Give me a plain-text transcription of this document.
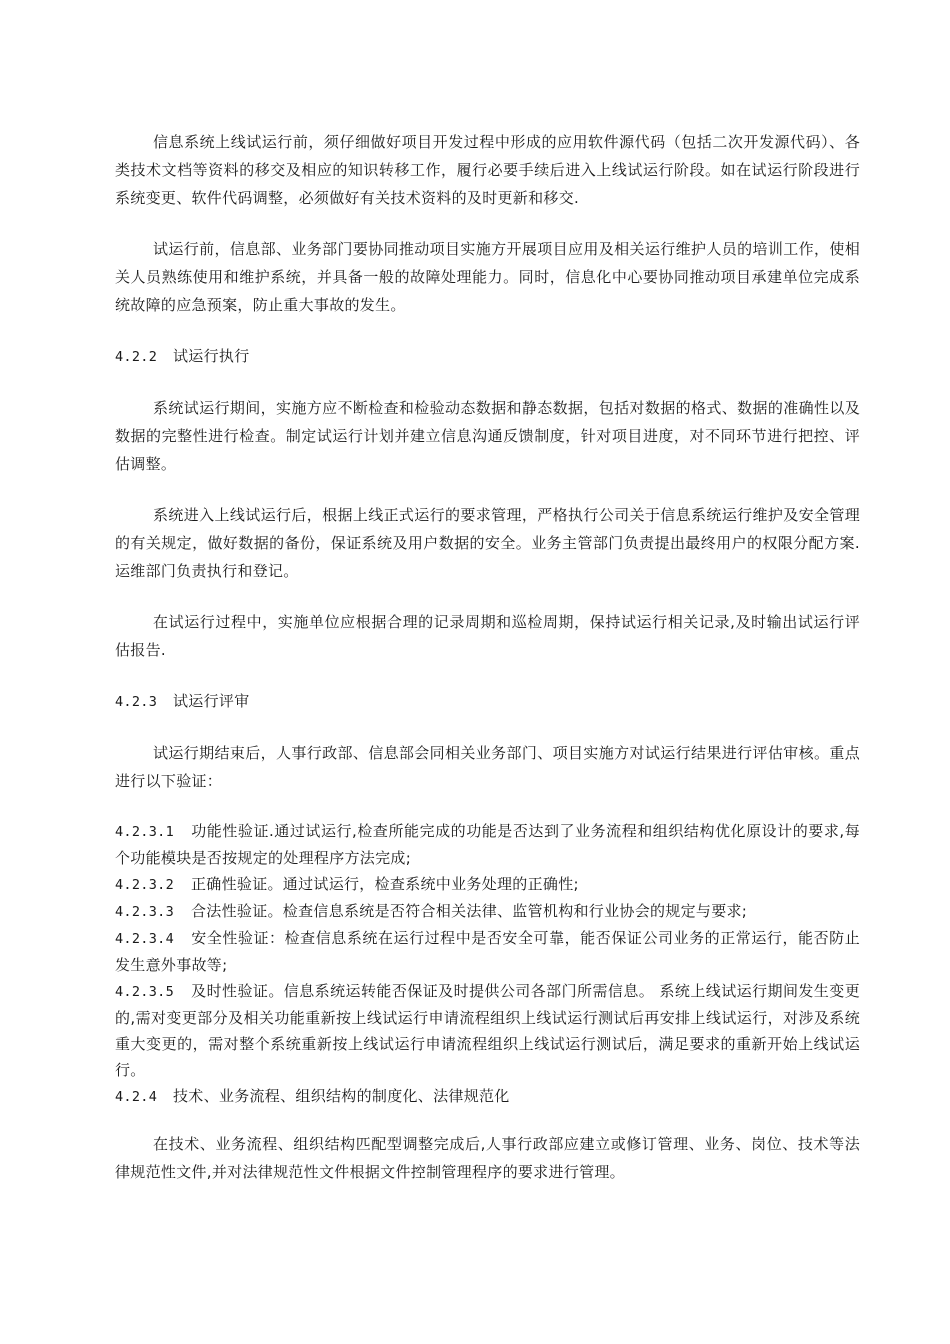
信息系统上线试运行前，须仔细做好项目开发过程中形成的应用软件源代码（包括二次开发源代码）、各类技术文档等资料的移交及相应的知识转移工作，履行必要手续后进入上线试运行阶段。如在试运行阶段进行系统变更、软件代码调整，必须做好有关技术资料的及时更新和移交.

试运行前，信息部、业务部门要协同推动项目实施方开展项目应用及相关运行维护人员的培训工作，使相关人员熟练使用和维护系统，并具备一般的故障处理能力。同时，信息化中心要协同推动项目承建单位完成系统故障的应急预案，防止重大事故的发生。

4.2.2 试运行执行

系统试运行期间，实施方应不断检查和检验动态数据和静态数据，包括对数据的格式、数据的准确性以及数据的完整性进行检查。制定试运行计划并建立信息沟通反馈制度，针对项目进度，对不同环节进行把控、评估调整。

系统进入上线试运行后，根据上线正式运行的要求管理，严格执行公司关于信息系统运行维护及安全管理的有关规定，做好数据的备份，保证系统及用户数据的安全。业务主管部门负责提出最终用户的权限分配方案.运维部门负责执行和登记。

在试运行过程中，实施单位应根据合理的记录周期和巡检周期，保持试运行相关记录,及时输出试运行评估报告.

4.2.3 试运行评审

试运行期结束后，人事行政部、信息部会同相关业务部门、项目实施方对试运行结果进行评估审核。重点进行以下验证：

4.2.3.1 功能性验证.通过试运行,检查所能完成的功能是否达到了业务流程和组织结构优化原设计的要求,每个功能模块是否按规定的处理程序方法完成;

4.2.3.2 正确性验证。通过试运行，检查系统中业务处理的正确性;

4.2.3.3 合法性验证。检查信息系统是否符合相关法律、监管机构和行业协会的规定与要求;

4.2.3.4 安全性验证：检查信息系统在运行过程中是否安全可靠，能否保证公司业务的正常运行，能否防止发生意外事故等;

4.2.3.5 及时性验证。信息系统运转能否保证及时提供公司各部门所需信息。 系统上线试运行期间发生变更的,需对变更部分及相关功能重新按上线试运行申请流程组织上线试运行测试后再安排上线试运行，对涉及系统重大变更的，需对整个系统重新按上线试运行申请流程组织上线试运行测试后，满足要求的重新开始上线试运行。

4.2.4 技术、业务流程、组织结构的制度化、法律规范化

在技术、业务流程、组织结构匹配型调整完成后,人事行政部应建立或修订管理、业务、岗位、技术等法律规范性文件,并对法律规范性文件根据文件控制管理程序的要求进行管理。
